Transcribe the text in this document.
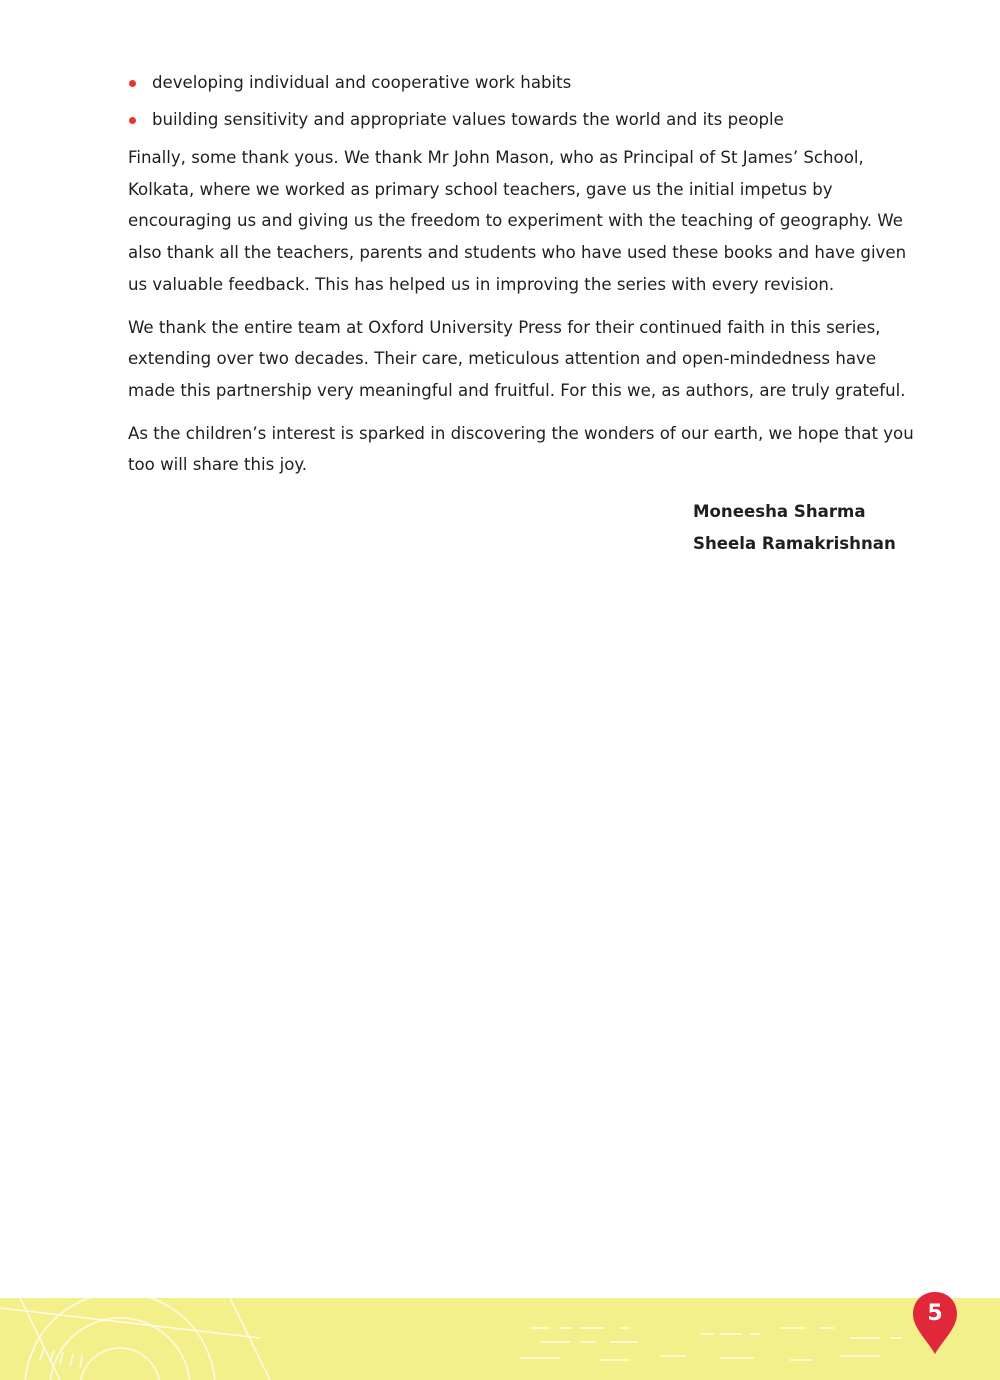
developing individual and cooperative work habits
building sensitivity and appropriate values towards the world and its people

Finally, some thank yous. We thank Mr John Mason, who as Principal of St James’ School,
Kolkata, where we worked as primary school teachers, gave us the initial impetus by
encouraging us and giving us the freedom to experiment with the teaching of geography. We
also thank all the teachers, parents and students who have used these books and have given
us valuable feedback. This has helped us in improving the series with every revision.

We thank the entire team at Oxford University Press for their continued faith in this series,
extending over two decades. Their care, meticulous attention and open-mindedness have
made this partnership very meaningful and fruitful. For this we, as authors, are truly grateful.

As the children’s interest is sparked in discovering the wonders of our earth, we hope that you
too will share this joy.

Moneesha Sharma
Sheela Ramakrishnan
5
